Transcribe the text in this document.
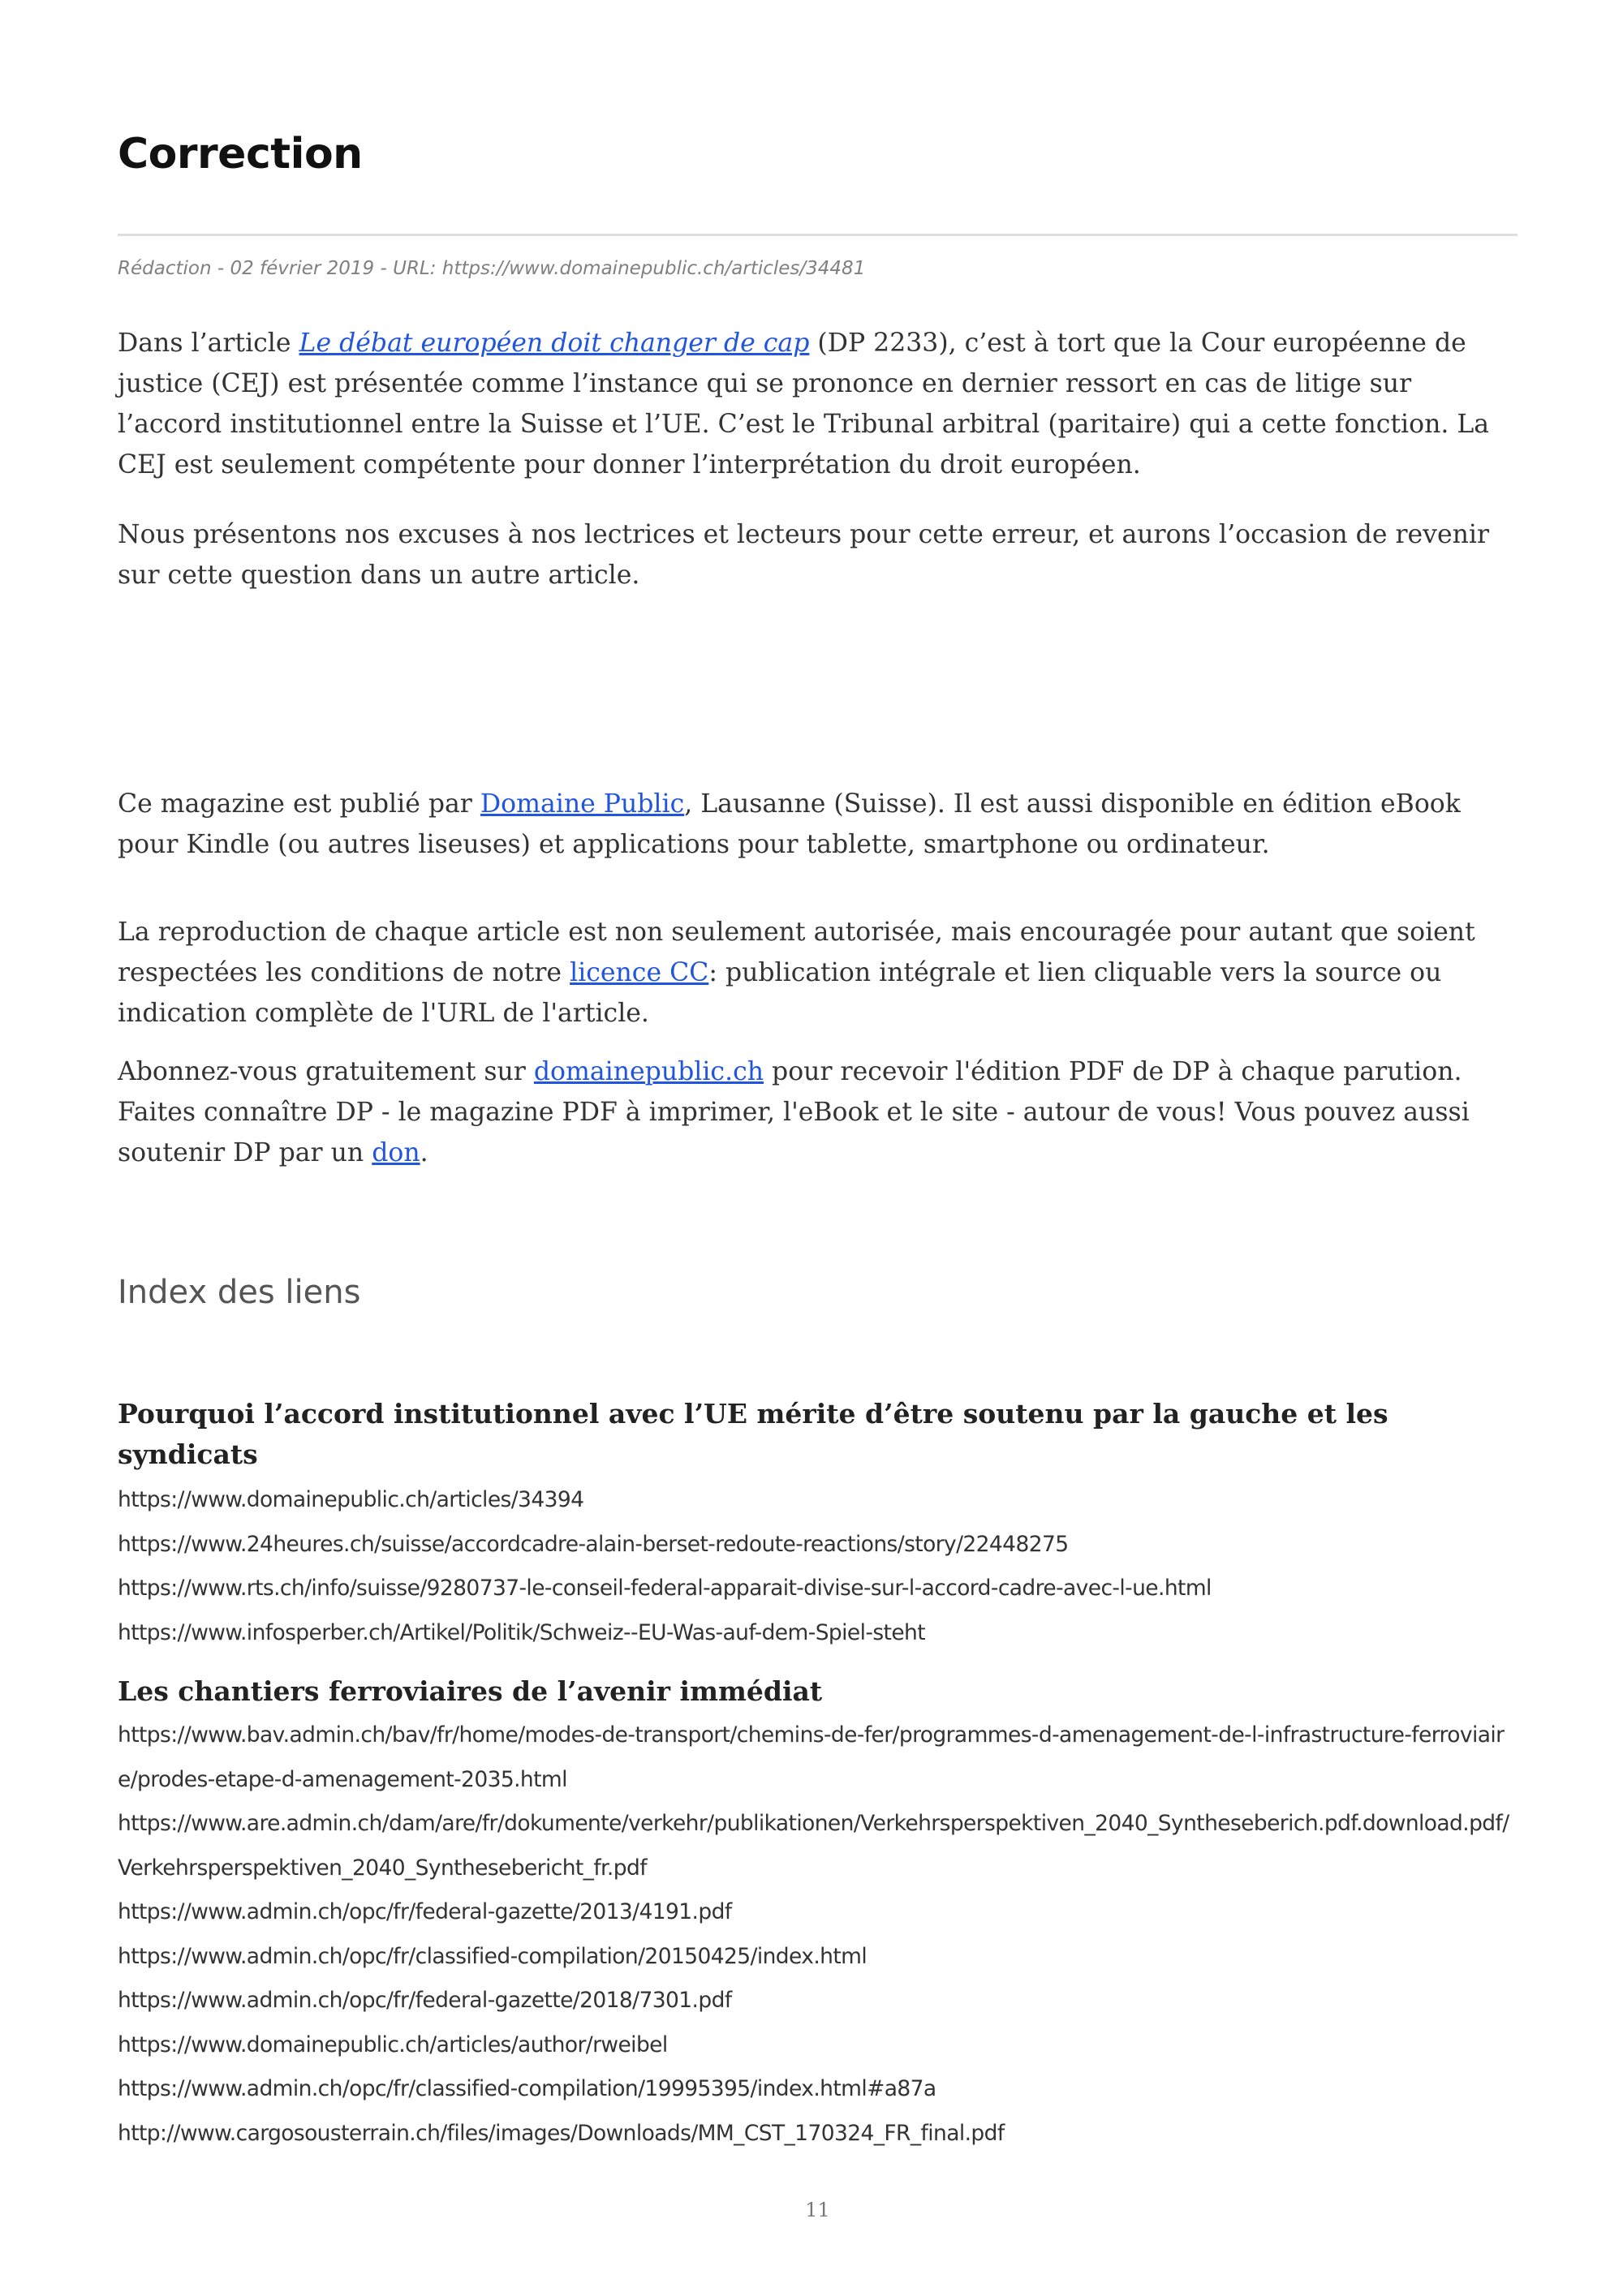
Correction
Rédaction - 02 février 2019 - URL: https://www.domainepublic.ch/articles/34481

Dans l’article Le débat européen doit changer de cap (DP 2233), c’est à tort que la Cour européenne de justice (CEJ) est présentée comme l’instance qui se prononce en dernier ressort en cas de litige sur l’accord institutionnel entre la Suisse et l’UE. C’est le Tribunal arbitral (paritaire) qui a cette fonction. La CEJ est seulement compétente pour donner l’interprétation du droit européen.

Nous présentons nos excuses à nos lectrices et lecteurs pour cette erreur, et aurons l’occasion de revenir sur cette question dans un autre article.

Ce magazine est publié par Domaine Public, Lausanne (Suisse). Il est aussi disponible en édition eBook pour Kindle (ou autres liseuses) et applications pour tablette, smartphone ou ordinateur.

La reproduction de chaque article est non seulement autorisée, mais encouragée pour autant que soient respectées les conditions de notre licence CC: publication intégrale et lien cliquable vers la source ou indication complète de l'URL de l'article.

Abonnez-vous gratuitement sur domainepublic.ch pour recevoir l'édition PDF de DP à chaque parution. Faites connaître DP - le magazine PDF à imprimer, l'eBook et le site - autour de vous! Vous pouvez aussi soutenir DP par un don.

Index des liens
Pourquoi l’accord institutionnel avec l’UE mérite d’être soutenu par la gauche et les syndicats
https://www.domainepublic.ch/articles/34394
https://www.24heures.ch/suisse/accordcadre-alain-berset-redoute-reactions/story/22448275
https://www.rts.ch/info/suisse/9280737-le-conseil-federal-apparait-divise-sur-l-accord-cadre-avec-l-ue.html
https://www.infosperber.ch/Artikel/Politik/Schweiz--EU-Was-auf-dem-Spiel-steht
Les chantiers ferroviaires de l’avenir immédiat
https://www.bav.admin.ch/bav/fr/home/modes-de-transport/chemins-de-fer/programmes-d-amenagement-de-l-infrastructure-ferroviaire/prodes-etape-d-amenagement-2035.html
https://www.are.admin.ch/dam/are/fr/dokumente/verkehr/publikationen/Verkehrsperspektiven_2040_Syntheseberich.pdf.download.pdf/Verkehrsperspektiven_2040_Synthesebericht_fr.pdf
https://www.admin.ch/opc/fr/federal-gazette/2013/4191.pdf
https://www.admin.ch/opc/fr/classified-compilation/20150425/index.html
https://www.admin.ch/opc/fr/federal-gazette/2018/7301.pdf
https://www.domainepublic.ch/articles/author/rweibel
https://www.admin.ch/opc/fr/classified-compilation/19995395/index.html#a87a
http://www.cargosousterrain.ch/files/images/Downloads/MM_CST_170324_FR_final.pdf
11
